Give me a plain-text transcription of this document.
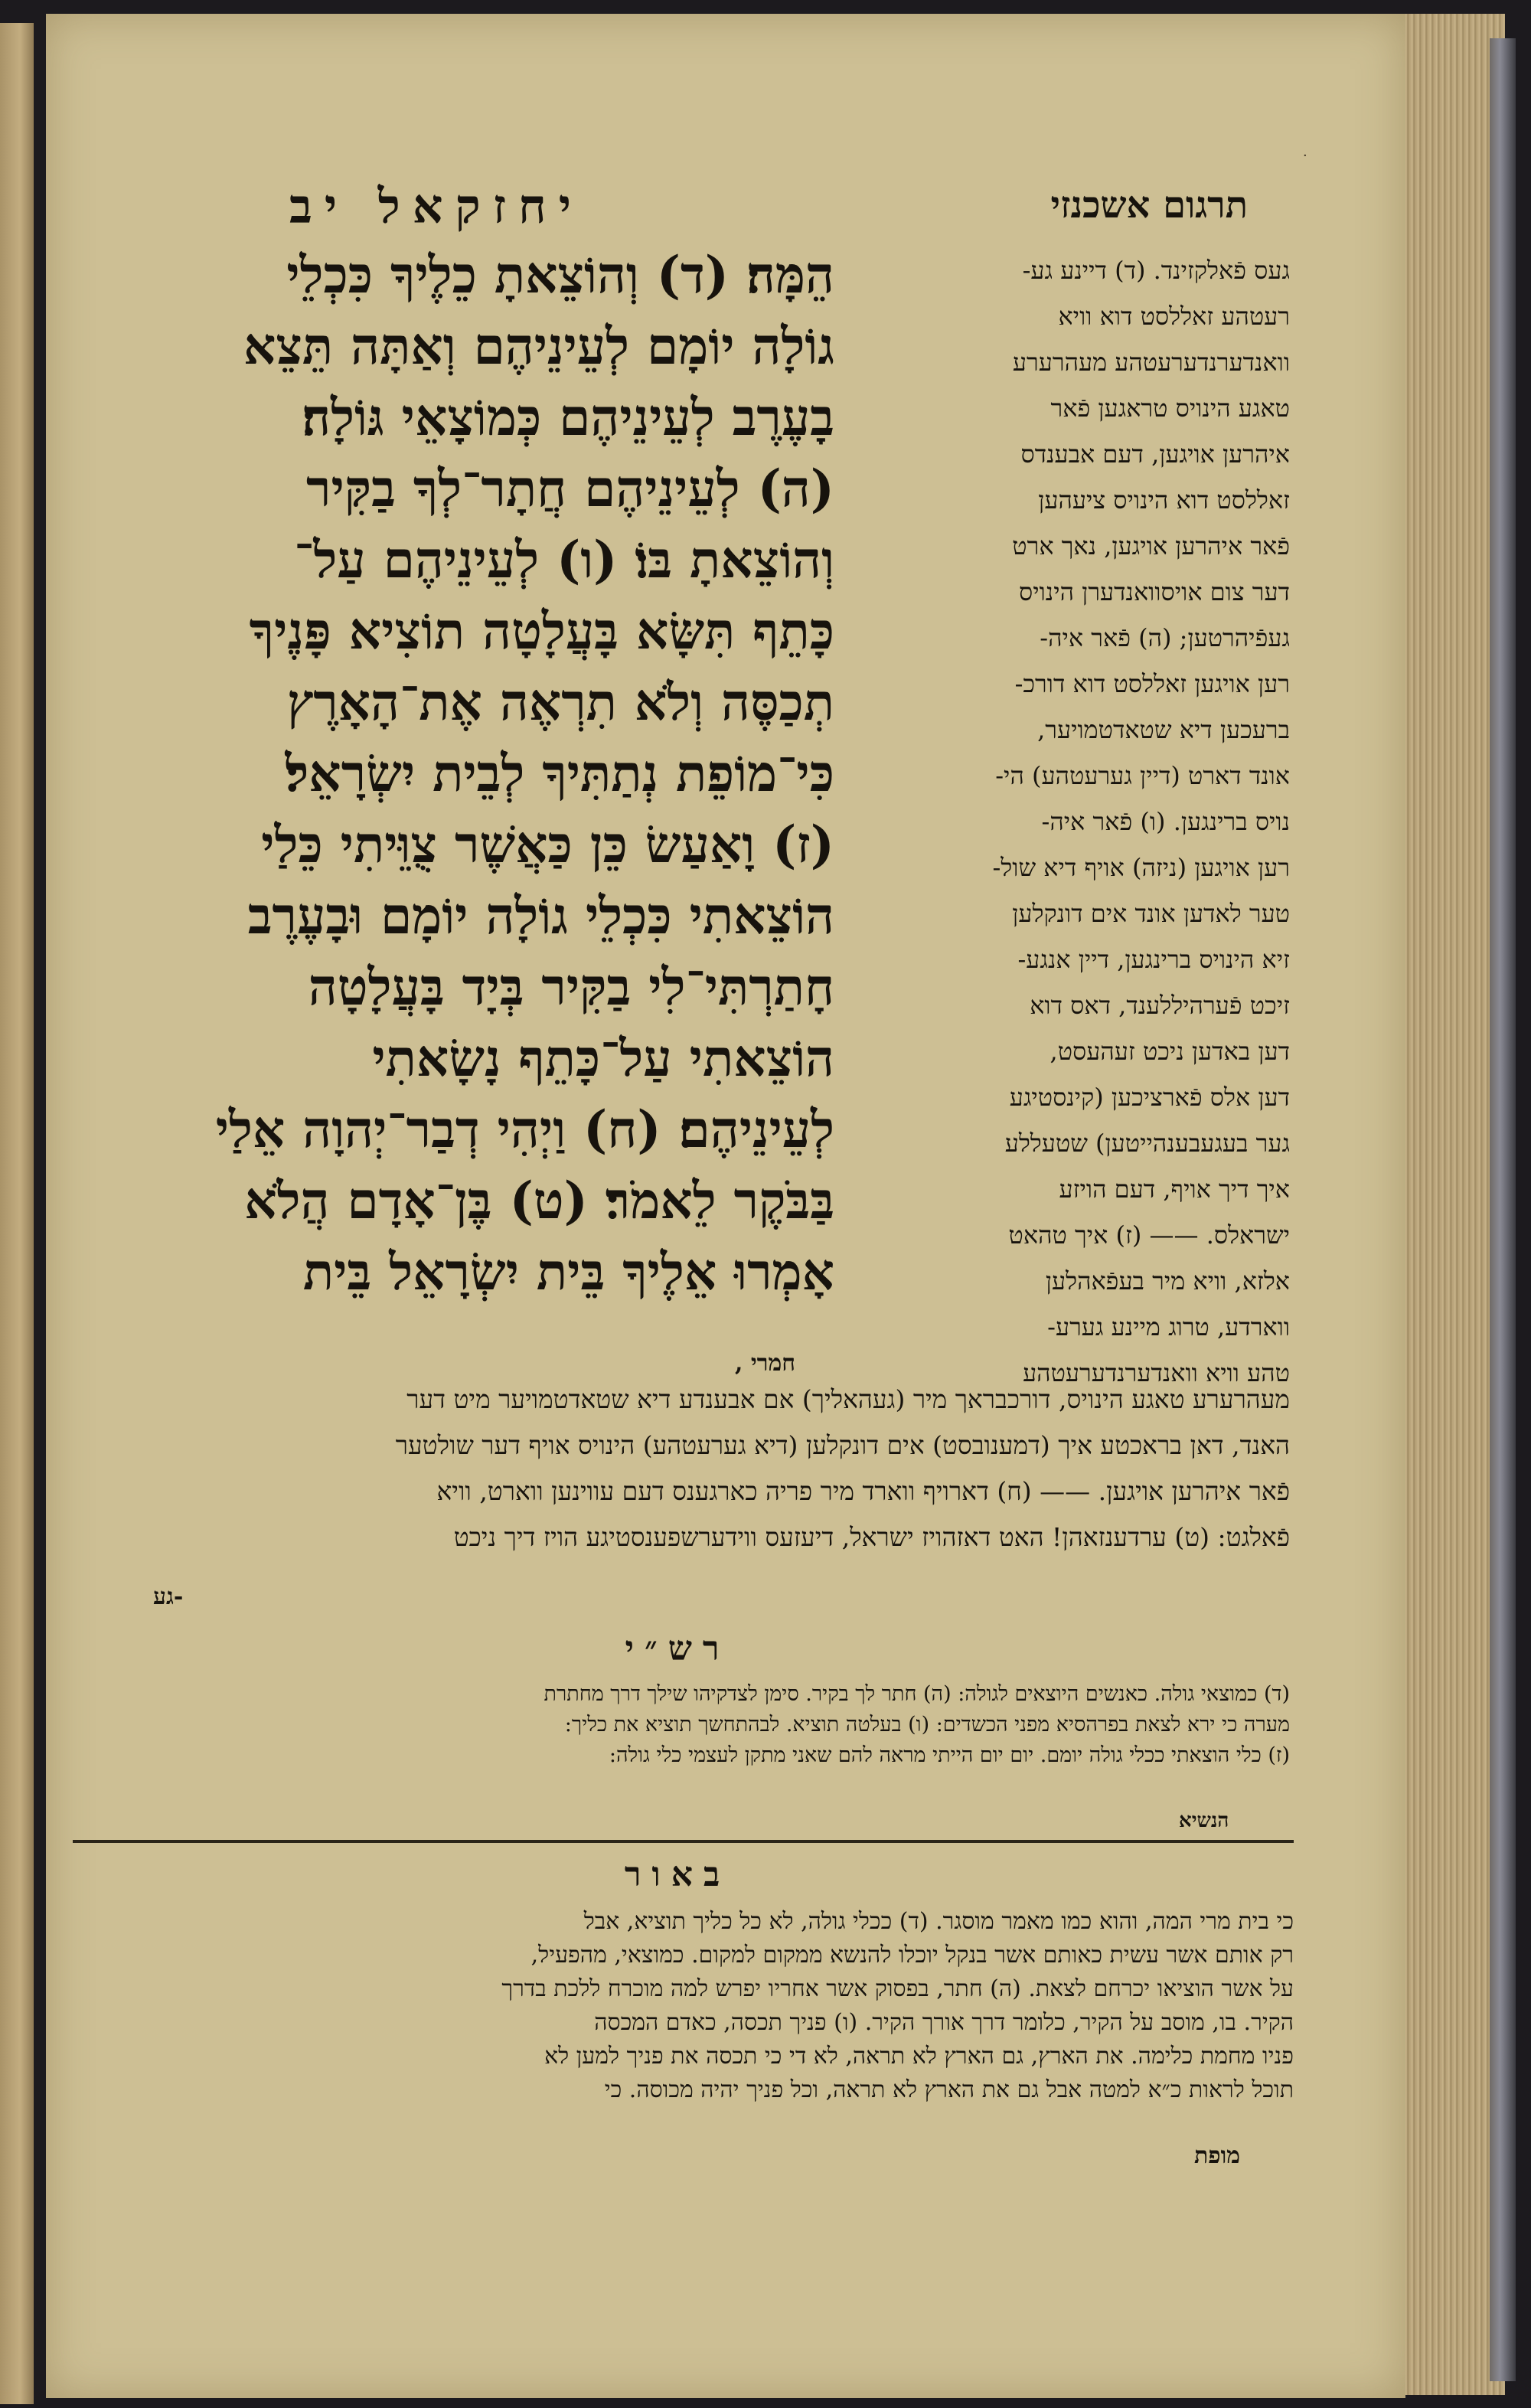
·
יחזקאל יב	תרגום אשכנזי
הֵמָּה׃ (ד) וְהוֹצֵאתָ כֵלֶיךָ כִּכְלֵי
גוֹלָה יוֹמָם לְעֵינֵיהֶם וְאַתָּה תֵּצֵא
בָעֶרֶב לְעֵינֵיהֶם כְּמוֹצָאֵי גּוֹלָה׃
(ה) לְעֵינֵיהֶם חֲתָר־לְךָ בַקִּיר
וְהוֹצֵאתָ בּוֹ׃ (ו) לְעֵינֵיהֶם עַל־
כָּתֵף תִּשָּׂא בָּעֲלָטָה תוֹצִיא פָּנֶיךָ
תְכַסֶּה וְלֹא תִרְאֶה אֶת־הָאָרֶץ
כִּי־מוֹפֵת נְתַתִּיךָ לְבֵית יִשְׂרָאֵל׃
(ז) וָאַעַשׂ כֵּן כַּאֲשֶׁר צֻוֵּיתִי כֵּלַי
הוֹצֵאתִי כִּכְלֵי גוֹלָה יוֹמָם וּבָעֶרֶב
חָתַרְתִּי־לִי בַקִּיר בְּיָד בָּעֲלָטָה
הוֹצֵאתִי עַל־כָּתֵף נָשָׂאתִי
לְעֵינֵיהֶם׃ (ח) וַיְהִי דְבַר־יְהוָה אֵלַי
בַּבֹּקֶר לֵאמֹר׃ (ט) בֶּן־אָדָם הֲלֹא
אָמְרוּ אֵלֶיךָ בֵּית יִשְׂרָאֵל בֵּית
חמרי ,
געס פֿאלקזינד. (ד) דיינע גע-
רעטהע זאללסט דוא וויא
וואנדערנדערעטהע מעהרערע
טאגע הינויס טראגען פֿאר
איהרען אויגען, דעם אבענדס
זאללסט דוא הינויס ציעהען
פֿאר איהרען אויגען, נאך ארט
דער צום אויסוואנדערן הינויס
געפֿיהרטען; (ה) פֿאר איה-
רען אויגען זאללסט דוא דורכ-
ברעכען דיא שטאדטמויער,
אונד דארט (דיין גערעטהע) הי-
נויס ברינגען. (ו) פֿאר איה-
רען אויגען (ניזה) אויף דיא שול-
טער לאדען אונד אים דונקלען
זיא הינויס ברינגען, דיין אנגע-
זיכט פֿערהיללענד, דאס דוא
דען באדען ניכט זעהעסט,
דען אלס פֿארציכען (קינסטיגע
גער בעגעבענהייטען) שטעללע
איך דיך אויף, דעם הויזע
ישראלס. —— (ז) איך טהאט
אלזא, וויא מיר בעפֿאהלען
ווארדע, טרוג מיינע גערע-
טהע וויא וואנדערנדערעטהע
מעהרערע טאגע הינויס, דורכבראך מיר (געהאליך) אם אבענדע דיא שטאדטמויער מיט דער
האנד, דאן בראכטע איך (דמענובסט) אים דונקלען (דיא גערעטהע) הינויס אויף דער שולטער
פֿאר איהרען אויגען. —— (ח) דארויף ווארד מיר פריה כארגענס דעם עווינען ווארט, וויא
פֿאלגט: (ט) ערדענזאהן! האט דאזהויז ישראל, דיעזעס ווידערשפענסטיגע הויז דיך ניכט
גע-
רש״י
(ד) כמוצאי גולה. כאנשים היוצאים לגולה: (ה) חתר לך בקיר. סימן לצדקיהו שילך דרך מחתרת
מערה כי ירא לצאת בפרהסיא מפני הכשדים: (ו) בעלטה תוציא. לבהתחשך תוציא את כליך:
(ז) כלי הוצאתי ככלי גולה יומם. יום יום הייתי מראה להם שאני מתקן לעצמי כלי גולה:
הנשיא
באור
כי בית מרי המה, והוא כמו מאמר מוסגר. (ד) ככלי גולה, לא כל כליך תוציא, אבל
רק אותם אשר עשית כאותם אשר בנקל יוכלו להנשא ממקום למקום. כמוצאי, מהפעיל,
על אשר הוציאו יכרחם לצאת. (ה) חתר, בפסוק אשר אחריו יפרש למה מוכרח ללכת בדרך
הקיר. בו, מוסב על הקיר, כלומר דרך אורך הקיר. (ו) פניך תכסה, כאדם המכסה
פניו מחמת כלימה. את הארץ, גם הארץ לא תראה, לא די כי תכסה את פניך למען לא
תוכל לראות כ״א למטה אבל גם את הארץ לא תראה, וכל פניך יהיה מכוסה. כי
מופת
